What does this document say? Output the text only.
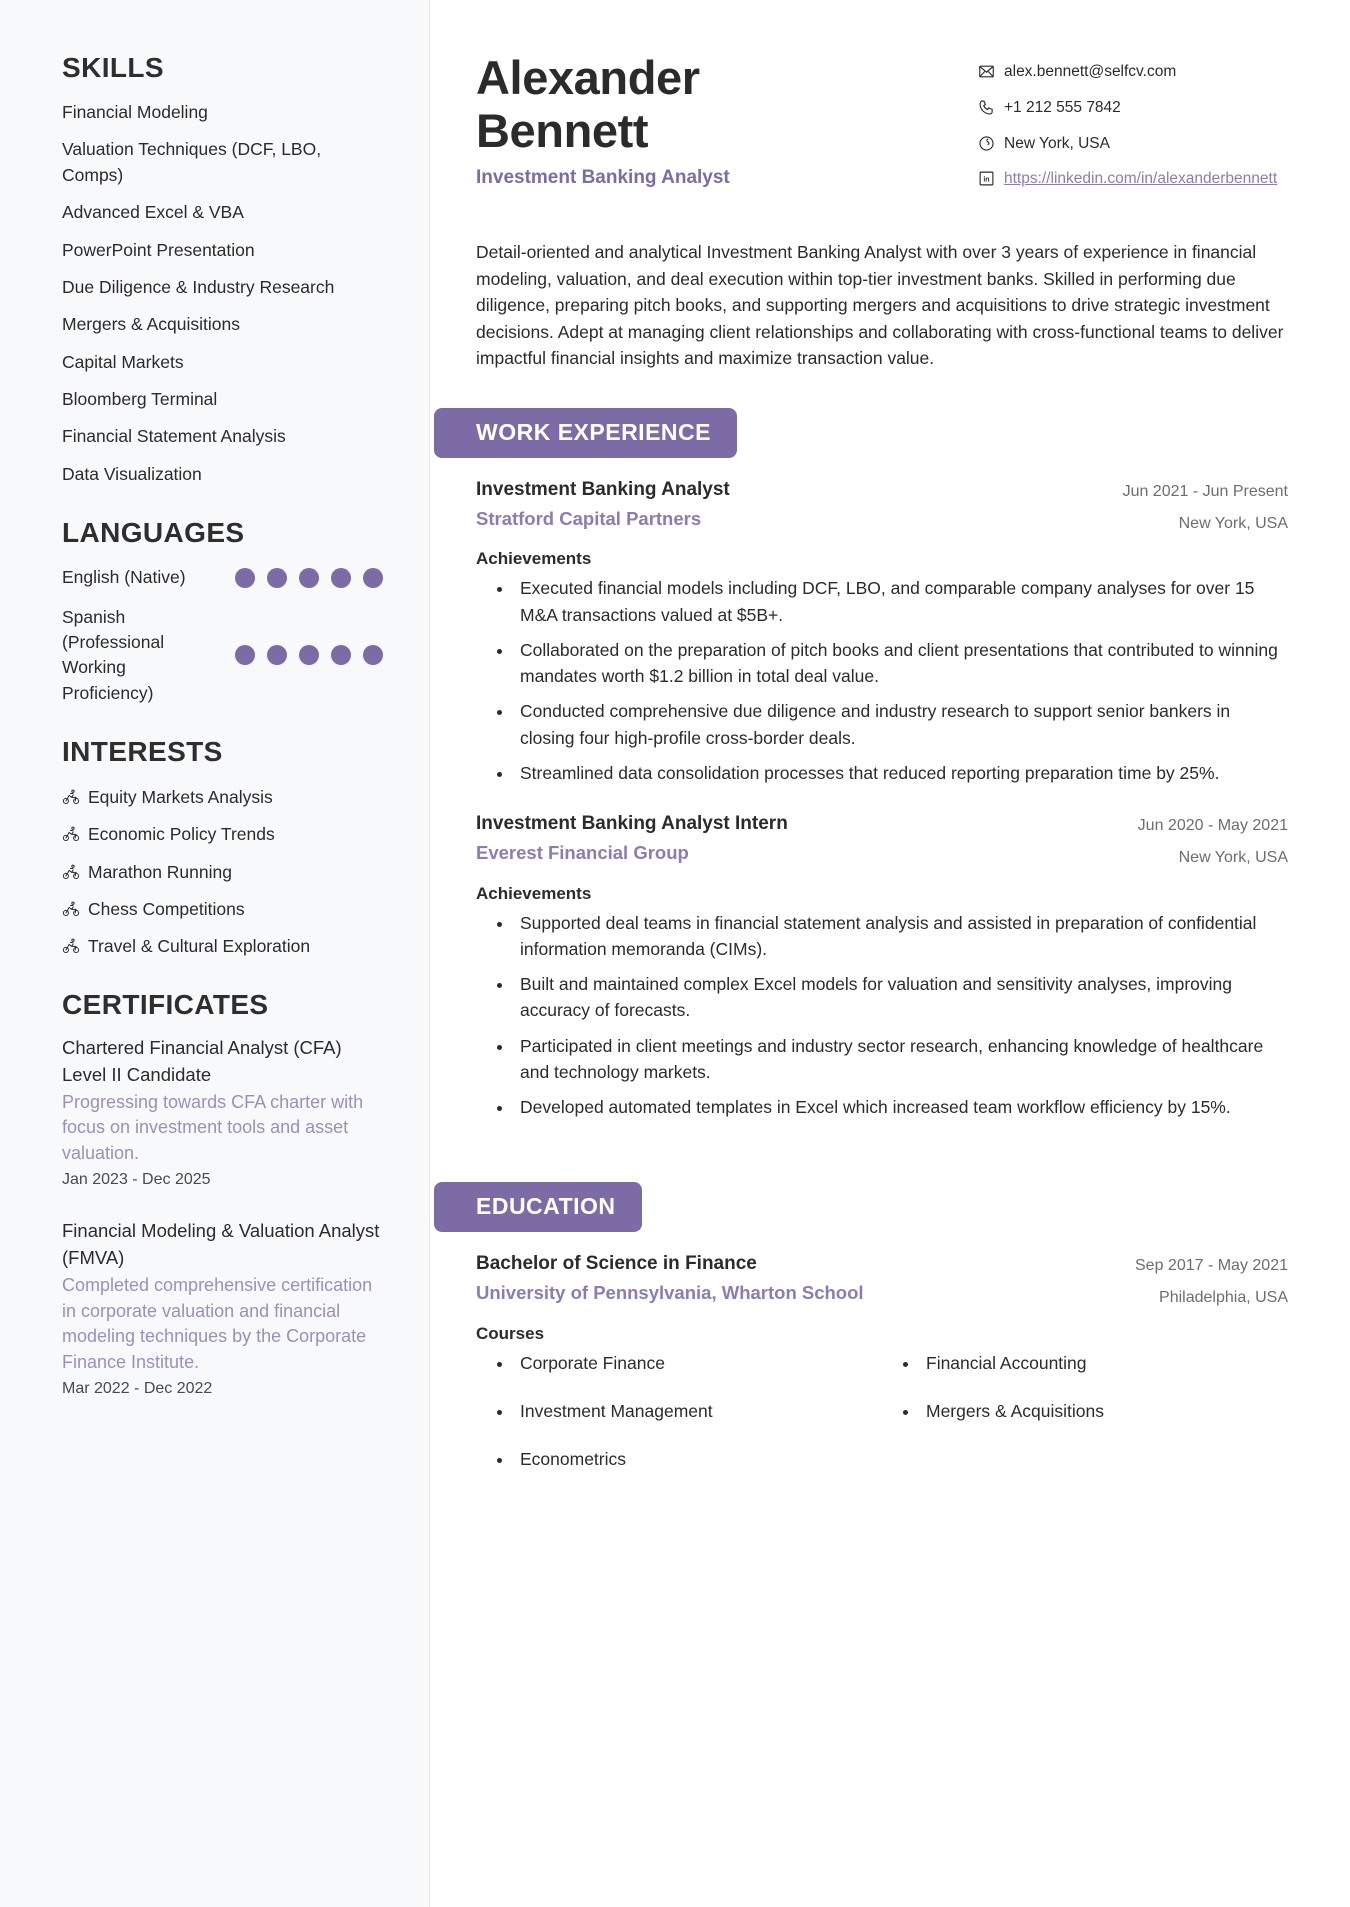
SKILLS
Financial Modeling
Valuation Techniques (DCF, LBO, Comps)
Advanced Excel & VBA
PowerPoint Presentation
Due Diligence & Industry Research
Mergers & Acquisitions
Capital Markets
Bloomberg Terminal
Financial Statement Analysis
Data Visualization
LANGUAGES
English (Native)
Spanish (Professional Working Proficiency)
INTERESTS
Equity Markets Analysis
Economic Policy Trends
Marathon Running
Chess Competitions
Travel & Cultural Exploration
CERTIFICATES
Chartered Financial Analyst (CFA) Level II Candidate
Progressing towards CFA charter with focus on investment tools and asset valuation.
Jan 2023 - Dec 2025
Financial Modeling & Valuation Analyst (FMVA)
Completed comprehensive certification in corporate valuation and financial modeling techniques by the Corporate Finance Institute.
Mar 2022 - Dec 2022
Alexander Bennett
Investment Banking Analyst
alex.bennett@selfcv.com
+1 212 555 7842
New York, USA
in https://linkedin.com/in/alexanderbennett

Detail-oriented and analytical Investment Banking Analyst with over 3 years of experience in financial modeling, valuation, and deal execution within top-tier investment banks. Skilled in performing due diligence, preparing pitch books, and supporting mergers and acquisitions to drive strategic investment decisions. Adept at managing client relationships and collaborating with cross-functional teams to deliver impactful financial insights and maximize transaction value.

WORK EXPERIENCE
Investment Banking Analyst
Stratford Capital Partners
Jun 2021 - Jun Present
New York, USA
Achievements
• Executed financial models including DCF, LBO, and comparable company analyses for over 15 M&A transactions valued at $5B+.
• Collaborated on the preparation of pitch books and client presentations that contributed to winning mandates worth $1.2 billion in total deal value.
• Conducted comprehensive due diligence and industry research to support senior bankers in closing four high-profile cross-border deals.
• Streamlined data consolidation processes that reduced reporting preparation time by 25%.
Investment Banking Analyst Intern
Everest Financial Group
Jun 2020 - May 2021
New York, USA
Achievements
• Supported deal teams in financial statement analysis and assisted in preparation of confidential information memoranda (CIMs).
• Built and maintained complex Excel models for valuation and sensitivity analyses, improving accuracy of forecasts.
• Participated in client meetings and industry sector research, enhancing knowledge of healthcare and technology markets.
• Developed automated templates in Excel which increased team workflow efficiency by 15%.
EDUCATION
Bachelor of Science in Finance
University of Pennsylvania, Wharton School
Sep 2017 - May 2021
Philadelphia, USA
Courses
• Corporate Finance
• Investment Management
• Econometrics
• Financial Accounting
• Mergers & Acquisitions
